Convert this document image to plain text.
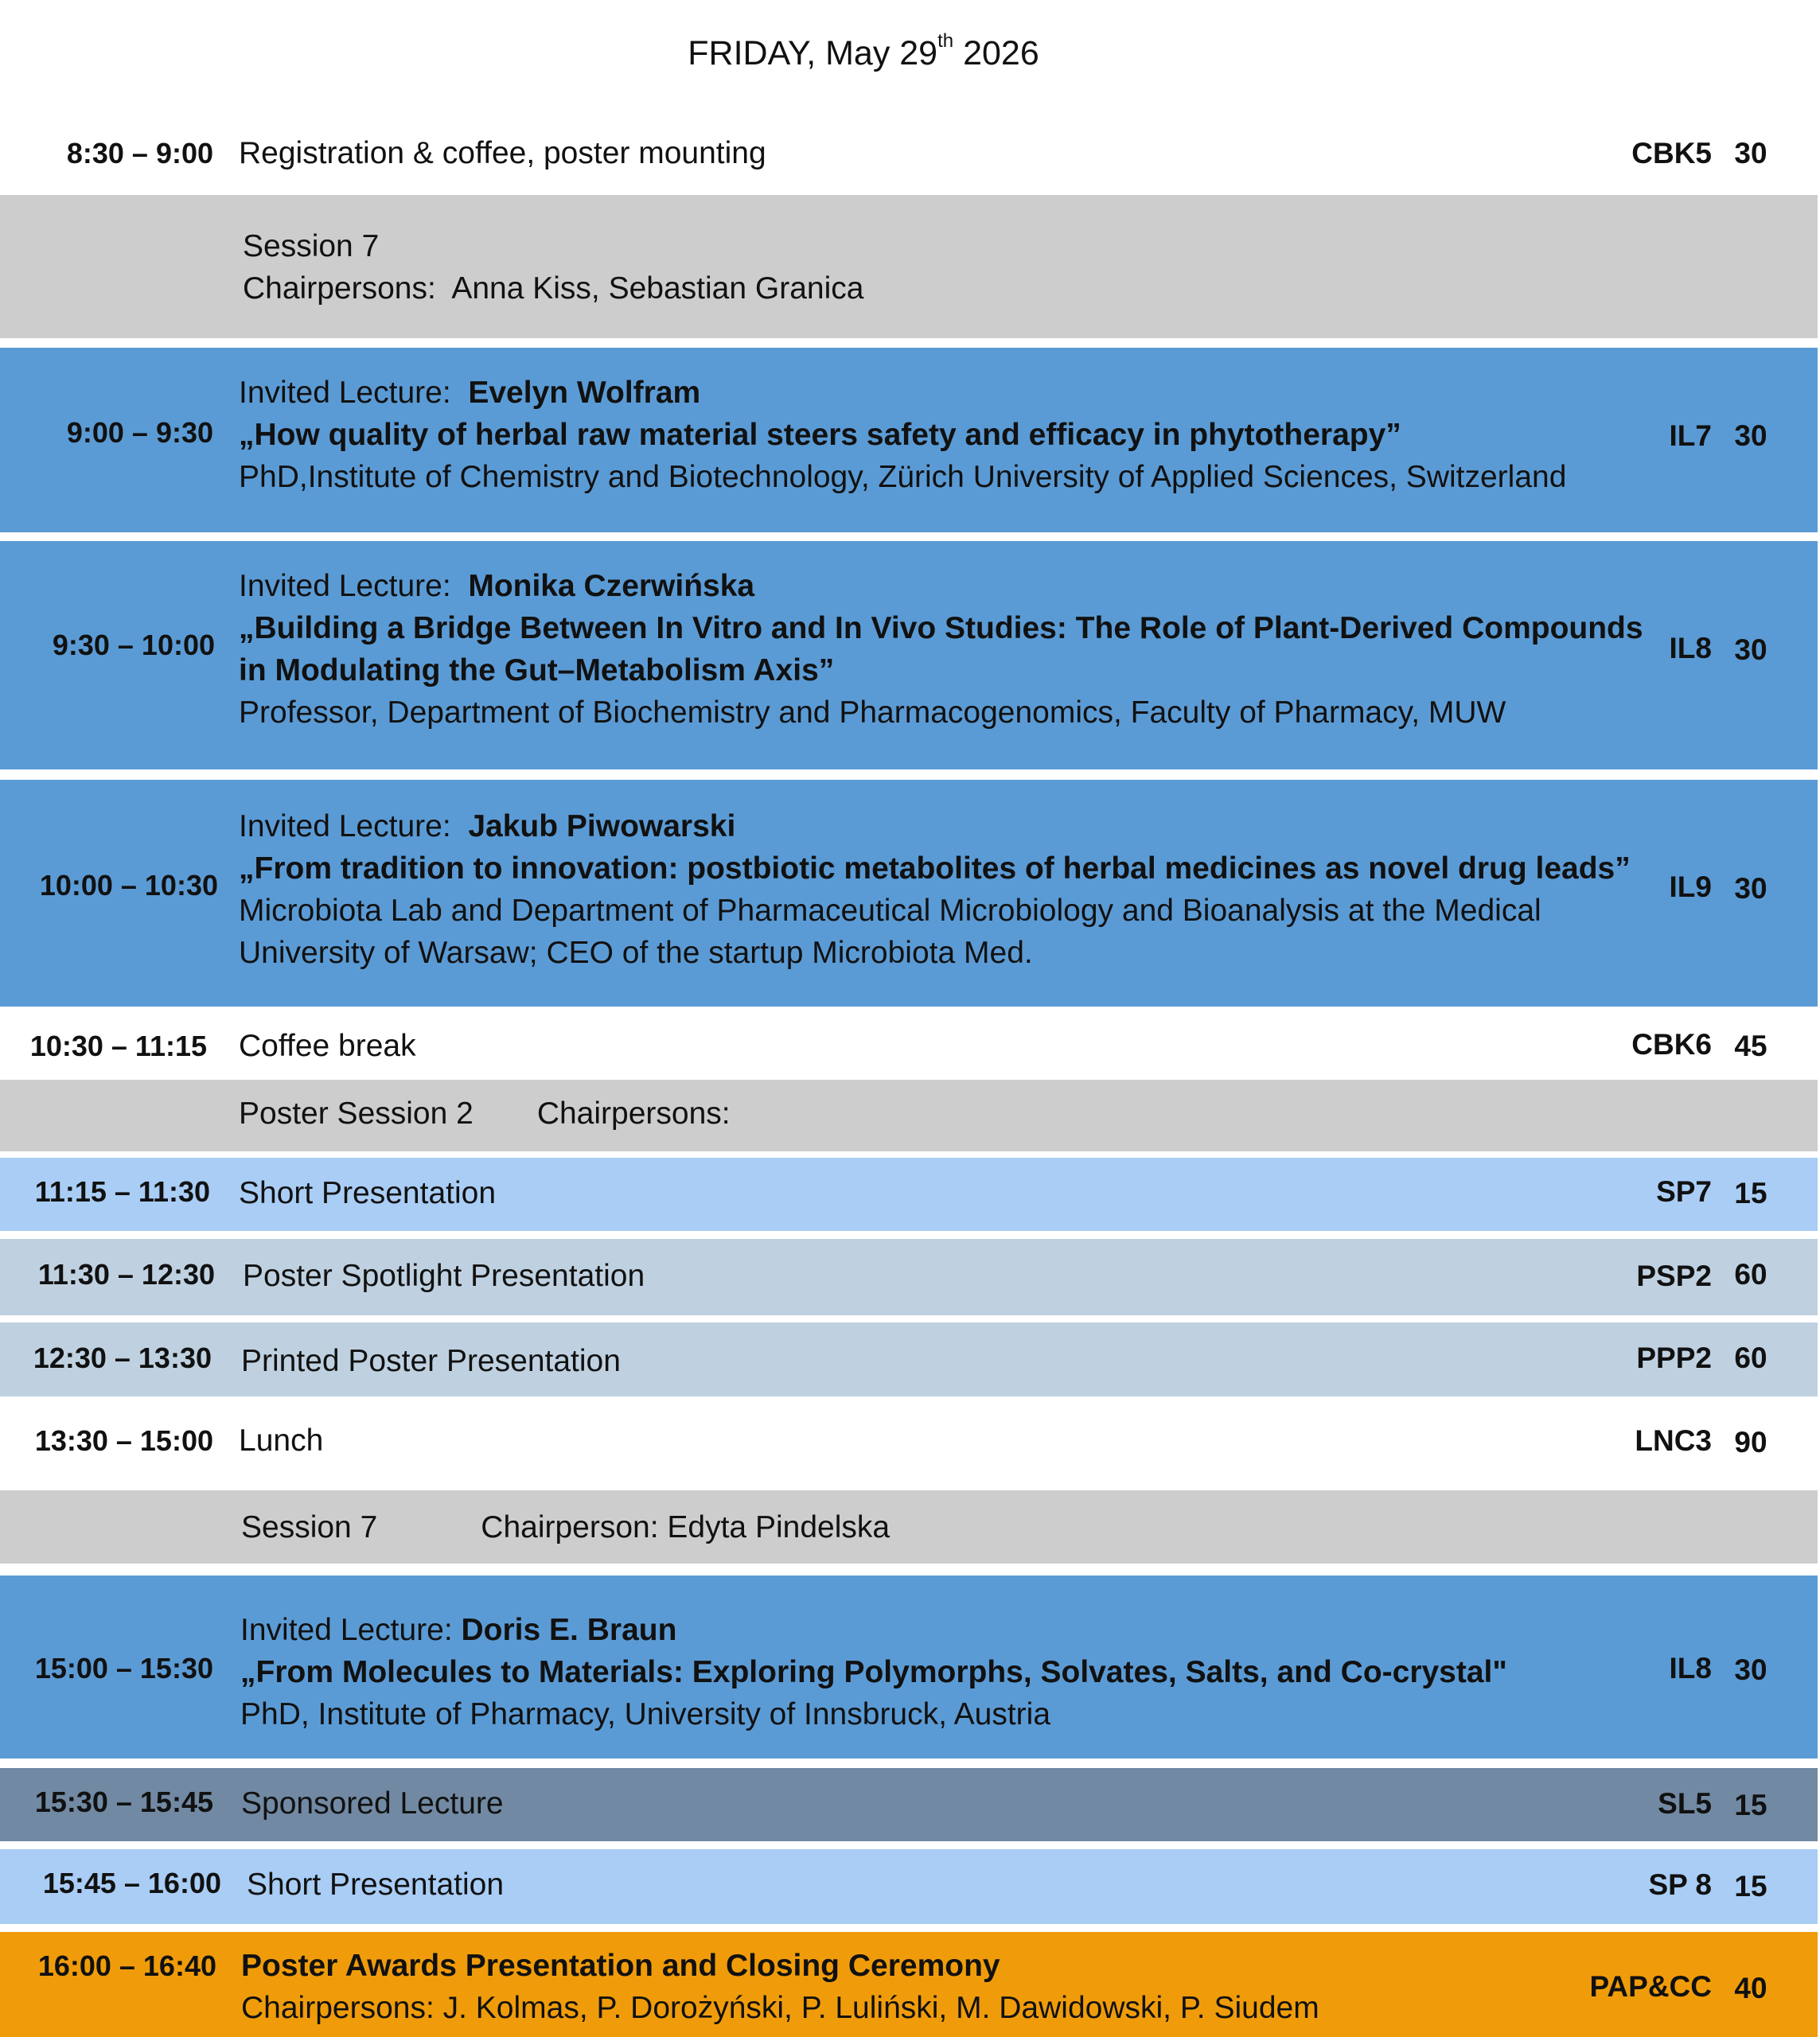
FRIDAY, May 29th 2026
8:30 – 9:00 Registration & coffee, poster mounting	CBK5 30
Session 7
Chairpersons: Anna Kiss, Sebastian Granica
9:00 – 9:30
Invited Lecture: Evelyn Wolfram
„How quality of herbal raw material steers safety and efficacy in phytotherapy”
PhD,Institute of Chemistry and Biotechnology, Zürich University of Applied Sciences, Switzerland
IL7 30
9:30 – 10:00
Invited Lecture: Monika Czerwińska
„Building a Bridge Between In Vitro and In Vivo Studies: The Role of Plant-Derived Compounds
in Modulating the Gut–Metabolism Axis”
Professor, Department of Biochemistry and Pharmacogenomics, Faculty of Pharmacy, MUW
IL8 30
10:00 – 10:30
Invited Lecture: Jakub Piwowarski
„From tradition to innovation: postbiotic metabolites of herbal medicines as novel drug leads”
Microbiota Lab and Department of Pharmaceutical Microbiology and Bioanalysis at the Medical
University of Warsaw; CEO of the startup Microbiota Med.
IL9 30
10:30 – 11:15 Coffee break	CBK6 45
Poster Session 2 Chairpersons:
11:15 – 11:30 Short Presentation	SP7 15
11:30 – 12:30 Poster Spotlight Presentation	PSP2 60
12:30 – 13:30 Printed Poster Presentation	PPP2 60
13:30 – 15:00 Lunch	LNC3 90
Session 7	Chairperson: Edyta Pindelska
15:00 – 15:30
Invited Lecture: Doris E. Braun
„From Molecules to Materials: Exploring Polymorphs, Solvates, Salts, and Co-crystal"
PhD, Institute of Pharmacy, University of Innsbruck, Austria
IL8 30
15:30 – 15:45 Sponsored Lecture	SL5 15
15:45 – 16:00 Short Presentation	SP 8 15
16:00 – 16:40 Poster Awards Presentation and Closing Ceremony
Chairpersons: J. Kolmas, P. Dorożyński, P. Luliński, M. Dawidowski, P. Siudem
PAP&CC 40
